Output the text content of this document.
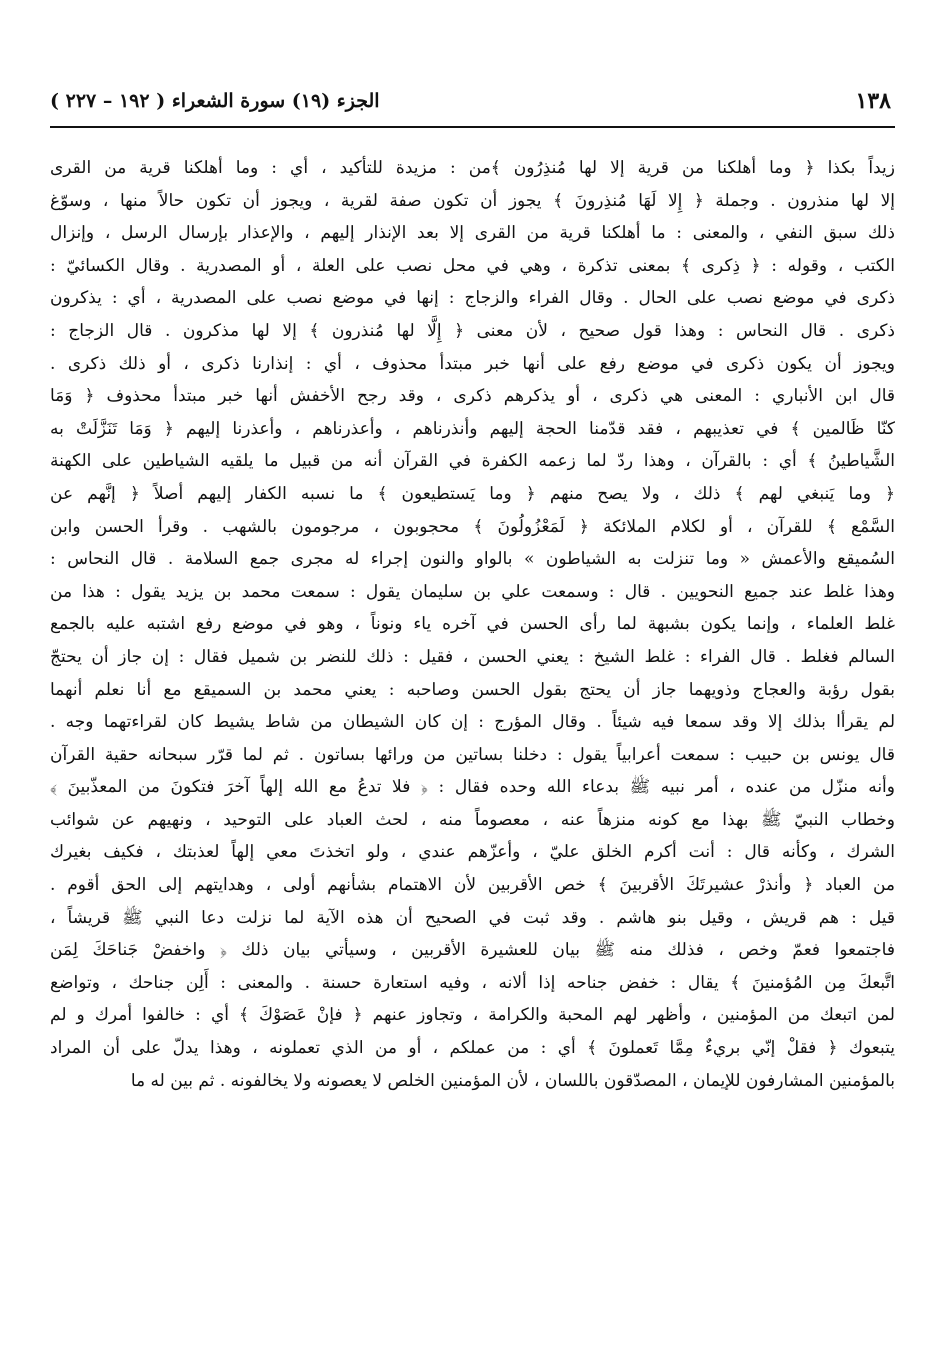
١٣٨
الجزء (١٩) سورة الشعراء ( ١٩٢ – ٢٢٧ )
زيداً بكذا ﴿ وما أهلكنا من قرية إلا لها مُنذِرُون ﴾من : مزيدة للتأكيد ، أي : وما أهلكنا قرية من القرى
إلا لها منذرون . وجملة ﴿ إِلا لَهَا مُنذِرونَ ﴾ يجوز أن تكون صفة لقرية ، ويجوز أن تكون حالاً منها ، وسوّغ
ذلك سبق النفي ، والمعنى : ما أهلكنا قرية من القرى إلا بعد الإنذار إليهم ، والإعذار بإرسال الرسل ، وإنزال
الكتب ، وقوله : ﴿ ذِكرى ﴾ بمعنى تذكرة ، وهي في محل نصب على العلة ، أو المصدرية . وقال الكسائيّ :
ذكرى في موضع نصب على الحال . وقال الفراء والزجاج : إنها في موضع نصب على المصدرية ، أي : يذكرون
ذكرى . قال النحاس : وهذا قول صحيح ، لأن معنى ﴿ إِلَّا لها مُنذرون ﴾ إلا لها مذكرون . قال الزجاج :
ويجوز أن يكون ذكرى في موضع رفع على أنها خبر مبتدأ محذوف ، أي : إنذارنا ذكرى ، أو ذلك ذكرى .
قال ابن الأنباري : المعنى هي ذكرى ، أو يذكرهم ذكرى ، وقد رجح الأخفش أنها خبر مبتدأ محذوف ﴿ وَمَا
كنّا ظَالمين ﴾ في تعذيبهم ، فقد قدّمنا الحجة إليهم وأنذرناهم ، وأعذرناهم ، وأعذرنا إليهم ﴿ وَمَا تَنَزَّلَتْ به
الشَّياطينُ ﴾ أي : بالقرآن ، وهذا ردّ لما زعمه الكفرة في القرآن أنه من قبيل ما يلقيه الشياطين على الكهنة
﴿ وما يَنبغي لهم ﴾ ذلك ، ولا يصح منهم ﴿ وما يَستطيعون ﴾ ما نسبه الكفار إليهم أصلاً ﴿ إنَّهم عن
السَّمْع ﴾ للقرآن ، أو لكلام الملائكة ﴿ لَمَعْزُولُونَ ﴾ محجوبون ، مرجومون بالشهب . وقرأ الحسن وابن
السُميقع والأعمش « وما تنزلت به الشياطون » بالواو والنون إجراء له مجرى جمع السلامة . قال النحاس :
وهذا غلط عند جميع النحويين . قال : وسمعت علي بن سليمان يقول : سمعت محمد بن يزيد يقول : هذا من
غلط العلماء ، وإنما يكون بشبهة لما رأى الحسن في آخره ياء ونوناً ، وهو في موضع رفع اشتبه عليه بالجمع
السالم فغلط . قال الفراء : غلط الشيخ : يعني الحسن ، فقيل : ذلك للنضر بن شميل فقال : إن جاز أن يحتجّ
بقول رؤبة والعجاج وذويهما جاز أن يحتج بقول الحسن وصاحبه : يعني محمد بن السميقع مع أنا نعلم أنهما
لم يقرأا بذلك إلا وقد سمعا فيه شيئاً . وقال المؤرج : إن كان الشيطان من شاط يشيط كان لقراءتهما وجه .
قال يونس بن حبيب : سمعت أعرابياً يقول : دخلنا بساتين من ورائها بساتون . ثم لما قرّر سبحانه حقية القرآن
وأنه منزّل من عنده ، أمر نبيه ﷺ بدعاء الله وحده فقال : ﴿ فلا تدعُ مع الله إلهاً آخرَ فتكونَ من المعذّبينَ ﴾
وخطاب النبيّ ﷺ بهذا مع كونه منزهاً عنه ، معصوماً منه ، لحث العباد على التوحيد ، ونهيهم عن شوائب
الشرك ، وكأنه قال : أنت أكرم الخلق عليّ ، وأعزّهم عندي ، ولو اتخذتَ معي إلهاً لعذبتك ، فكيف بغيرك
من العباد ﴿ وأنذرْ عشيرتَكَ الأقربينَ ﴾ خص الأقربين لأن الاهتمام بشأنهم أولى ، وهدايتهم إلى الحق أقوم .
قيل : هم قريش ، وقيل بنو هاشم . وقد ثبت في الصحيح أن هذه الآية لما نزلت دعا النبي ﷺ قريشاً ،
فاجتمعوا فعمّ وخص ، فذلك منه ﷺ بيان للعشيرة الأقربين ، وسيأتي بيان ذلك ﴿ واخفضْ جَناحَكَ لِمَن
اتَّبعكَ مِن المُؤمنينَ ﴾ يقال : خفض جناحه إذا ألانه ، وفيه استعارة حسنة . والمعنى : أَلِن جناحك ، وتواضع
لمن اتبعك من المؤمنين ، وأظهر لهم المحبة والكرامة ، وتجاوز عنهم ﴿ فإنْ عَصَوْكَ ﴾ أي : خالفوا أمرك و لم
يتبعوك ﴿ فقلْ إنّي بريءٌ مِمَّا تَعملونَ ﴾ أي : من عملكم ، أو من الذي تعملونه ، وهذا يدلّ على أن المراد
بالمؤمنين المشارفون للإيمان ، المصدّقون باللسان ، لأن المؤمنين الخلص لا يعصونه ولا يخالفونه . ثم بين له ما
